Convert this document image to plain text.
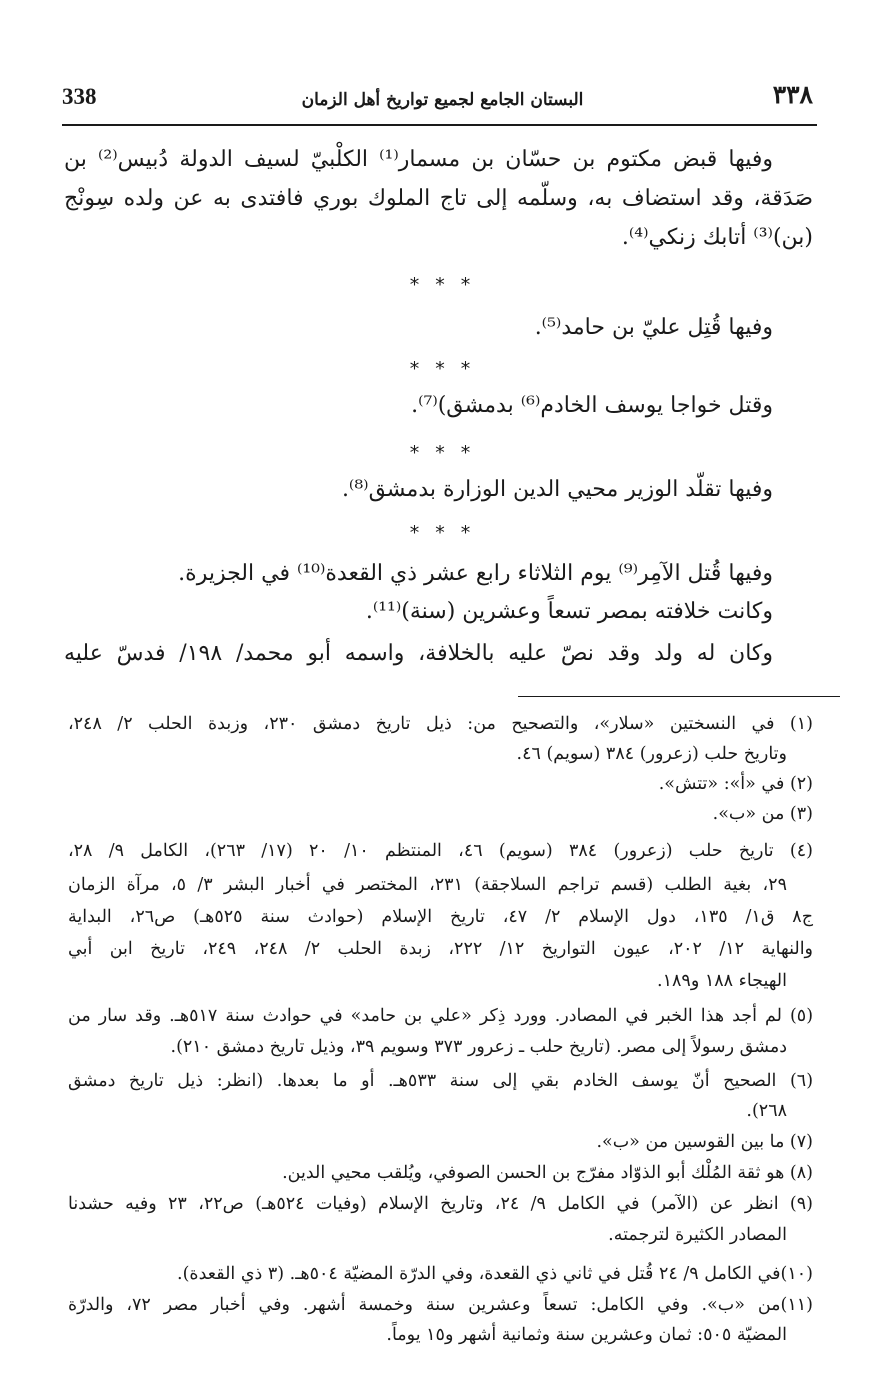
338	البستان الجامع لجميع تواريخ أهل الزمان	٣٣٨
وفيها قبض مكتوم بن حسّان بن مسمار⁽¹⁾ الكلْبيّ لسيف الدولة دُبيس⁽²⁾ بن
صَدَقة، وقد استضاف به، وسلّمه إلى تاج الملوك بوري فافتدى به عن ولده سِونْج
(بن)⁽³⁾ أتابك زنكي⁽⁴⁾.
* * *
وفيها قُتِل عليّ بن حامد⁽⁵⁾.
* * *
وقتل خواجا يوسف الخادم⁽⁶⁾ بدمشق)⁽⁷⁾.
* * *
وفيها تقلّد الوزير محيي الدين الوزارة بدمشق⁽⁸⁾.
* * *
وفيها قُتل الآمِر⁽⁹⁾ يوم الثلاثاء رابع عشر ذي القعدة⁽¹⁰⁾ في الجزيرة.
وكانت خلافته بمصر تسعاً وعشرين (سنة)⁽¹¹⁾.
وكان له ولد وقد نصّ عليه بالخلافة، واسمه أبو محمد/ ١٩٨/ فدسّ عليه
(١) في النسختين «سلار»، والتصحيح من: ذيل تاريخ دمشق ٢٣٠، وزبدة الحلب ٢/ ٢٤٨،
وتاريخ حلب (زعرور) ٣٨٤ (سويم) ٤٦.
(٢) في «أ»: «تتش».
(٣) من «ب».
(٤) تاريخ حلب (زعرور) ٣٨٤ (سويم) ٤٦، المنتظم ١٠/ ٢٠ (١٧/ ٢٦٣)، الكامل ٩/ ٢٨،
٢٩، بغية الطلب (قسم تراجم السلاجقة) ٢٣١، المختصر في أخبار البشر ٣/ ٥، مرآة الزمان
ج٨ ق١/ ١٣٥، دول الإسلام ٢/ ٤٧، تاريخ الإسلام (حوادث سنة ٥٢٥هـ) ص٢٦، البداية
والنهاية ١٢/ ٢٠٢، عيون التواريخ ١٢/ ٢٢٢، زبدة الحلب ٢/ ٢٤٨، ٢٤٩، تاريخ ابن أبي
الهيجاء ١٨٨ و١٨٩.
(٥) لم أجد هذا الخبر في المصادر. وورد ذِكر «علي بن حامد» في حوادث سنة ٥١٧هـ. وقد سار من
دمشق رسولاً إلى مصر. (تاريخ حلب ـ زعرور ٣٧٣ وسويم ٣٩، وذيل تاريخ دمشق ٢١٠).
(٦) الصحيح أنّ يوسف الخادم بقي إلى سنة ٥٣٣هـ. أو ما بعدها. (انظر: ذيل تاريخ دمشق
٢٦٨).
(٧) ما بين القوسين من «ب».
(٨) هو ثقة المُلْك أبو الذوّاد مفرّج بن الحسن الصوفي، ويُلقب محيي الدين.
(٩) انظر عن (الآمر) في الكامل ٩/ ٢٤، وتاريخ الإسلام (وفيات ٥٢٤هـ) ص٢٢، ٢٣ وفيه حشدنا
المصادر الكثيرة لترجمته.
(١٠)في الكامل ٩/ ٢٤ قُتل في ثاني ذي القعدة، وفي الدرّة المضيّة ٥٠٤هـ. (٣ ذي القعدة).
(١١)من «ب». وفي الكامل: تسعاً وعشرين سنة وخمسة أشهر. وفي أخبار مصر ٧٢، والدرّة
المضيّة ٥٠٥: ثمان وعشرين سنة وثمانية أشهر و١٥ يوماً.
